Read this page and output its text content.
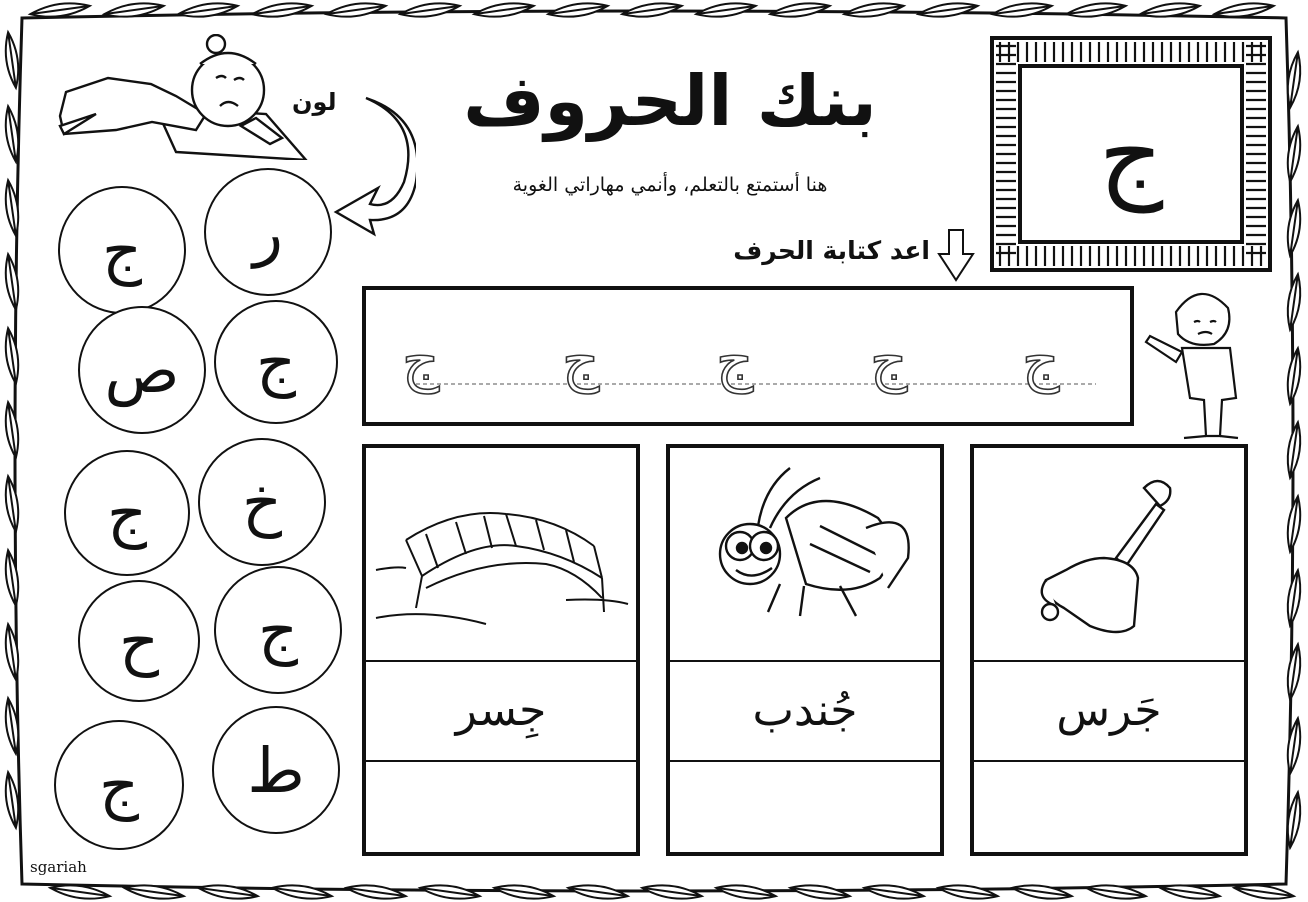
بنك الحروف
هنا أستمتع بالتعلم، وأنمي مهاراتي الغوية
اعد كتابة الحرف
لون	ج
ج	ر
ص	ج
ج	خ
ح	ج
ج	ط
ج ج ج ج ج
جِسر	جُندب	جَرس
sgariah
